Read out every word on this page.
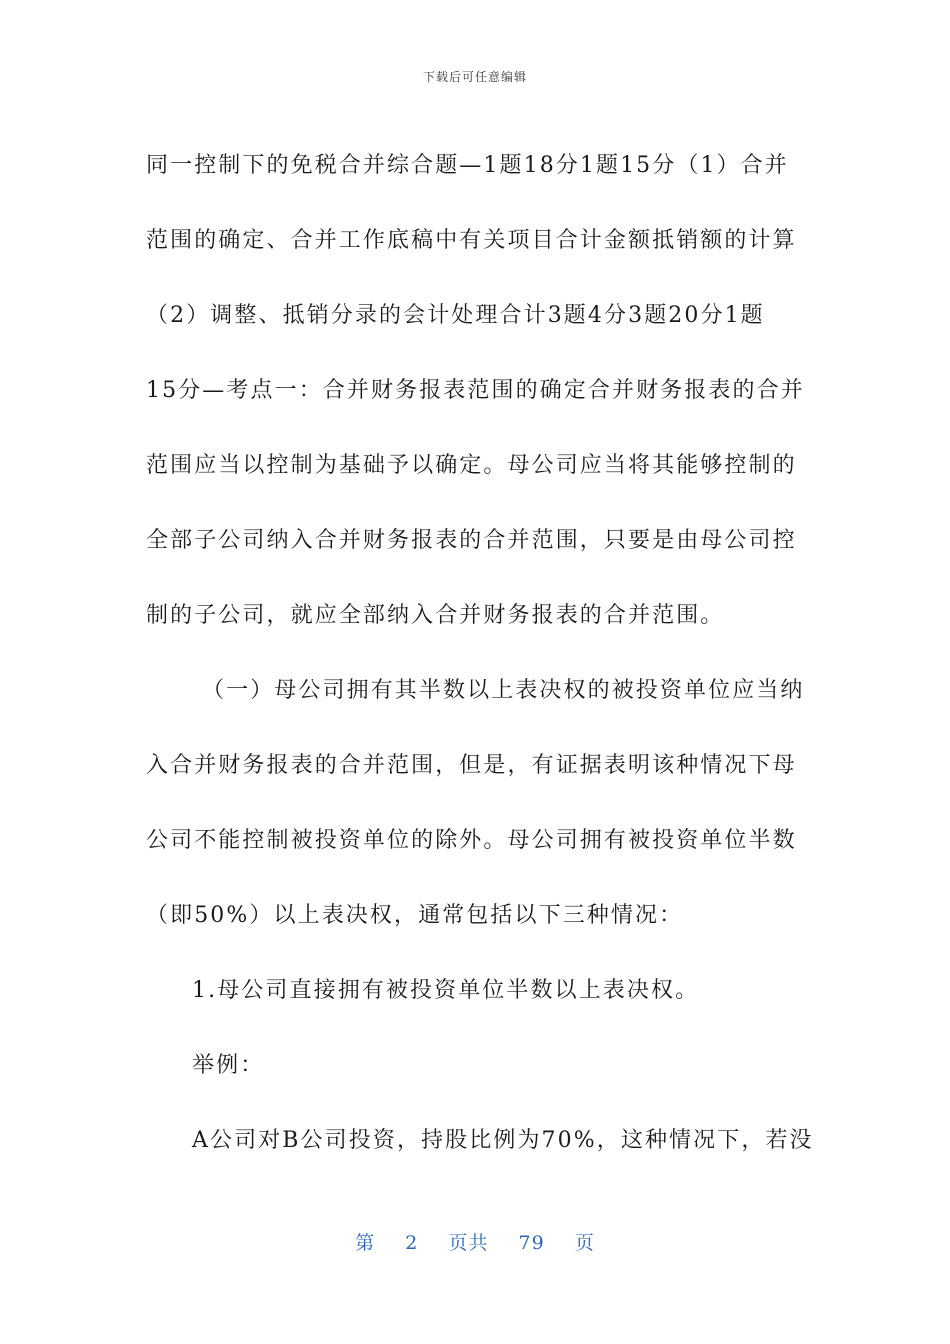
下载后可任意编辑
同一控制下的免税合并综合题—1题18分1题15分（1）合并
范围的确定、合并工作底稿中有关项目合计金额抵销额的计算
（2）调整、抵销分录的会计处理合计3题4分3题20分1题
15分—考点一：合并财务报表范围的确定合并财务报表的合并
范围应当以控制为基础予以确定。母公司应当将其能够控制的
全部子公司纳入合并财务报表的合并范围，只要是由母公司控
制的子公司，就应全部纳入合并财务报表的合并范围。
（一）母公司拥有其半数以上表决权的被投资单位应当纳
入合并财务报表的合并范围，但是，有证据表明该种情况下母
公司不能控制被投资单位的除外。母公司拥有被投资单位半数
（即50%）以上表决权，通常包括以下三种情况：
1.母公司直接拥有被投资单位半数以上表决权。
举例：
A公司对B公司投资，持股比例为70%，这种情况下，若没
第 2 页共 79 页
